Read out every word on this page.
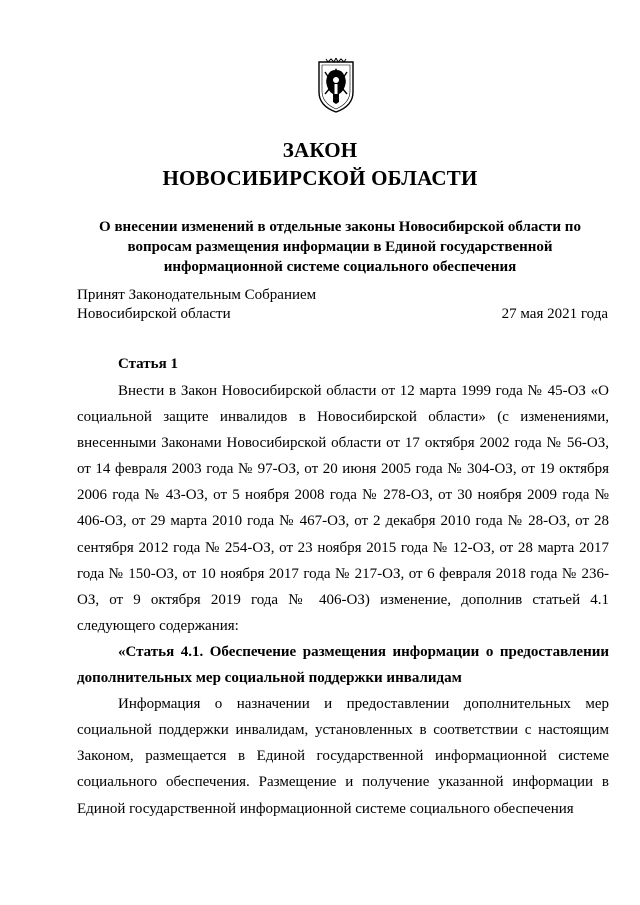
ЗАКОН
НОВОСИБИРСКОЙ ОБЛАСТИ
О внесении изменений в отдельные законы Новосибирской области по вопросам размещения информации в Единой государственной информационной системе социального обеспечения
Принят Законодательным Собранием
Новосибирской области	27 мая 2021 года
Статья 1

Внести в Закон Новосибирской области от 12 марта 1999 года № 45-ОЗ «О социальной защите инвалидов в Новосибирской области» (с изменениями, внесенными Законами Новосибирской области от 17 октября 2002 года № 56-ОЗ, от 14 февраля 2003 года № 97-ОЗ, от 20 июня 2005 года № 304-ОЗ, от 19 октября 2006 года № 43-ОЗ, от 5 ноября 2008 года № 278-ОЗ, от 30 ноября 2009 года № 406-ОЗ, от 29 марта 2010 года № 467-ОЗ, от 2 декабря 2010 года № 28-ОЗ, от 28 сентября 2012 года № 254-ОЗ, от 23 ноября 2015 года № 12-ОЗ, от 28 марта 2017 года № 150-ОЗ, от 10 ноября 2017 года № 217-ОЗ, от 6 февраля 2018 года № 236-ОЗ, от 9 октября 2019 года № 406-ОЗ) изменение, дополнив статьей 4.1 следующего содержания:

«Статья 4.1. Обеспечение размещения информации о предоставлении дополнительных мер социальной поддержки инвалидам

Информация о назначении и предоставлении дополнительных мер социальной поддержки инвалидам, установленных в соответствии с настоящим Законом, размещается в Единой государственной информационной системе социального обеспечения. Размещение и получение указанной информации в Единой государственной информационной системе социального обеспечения
